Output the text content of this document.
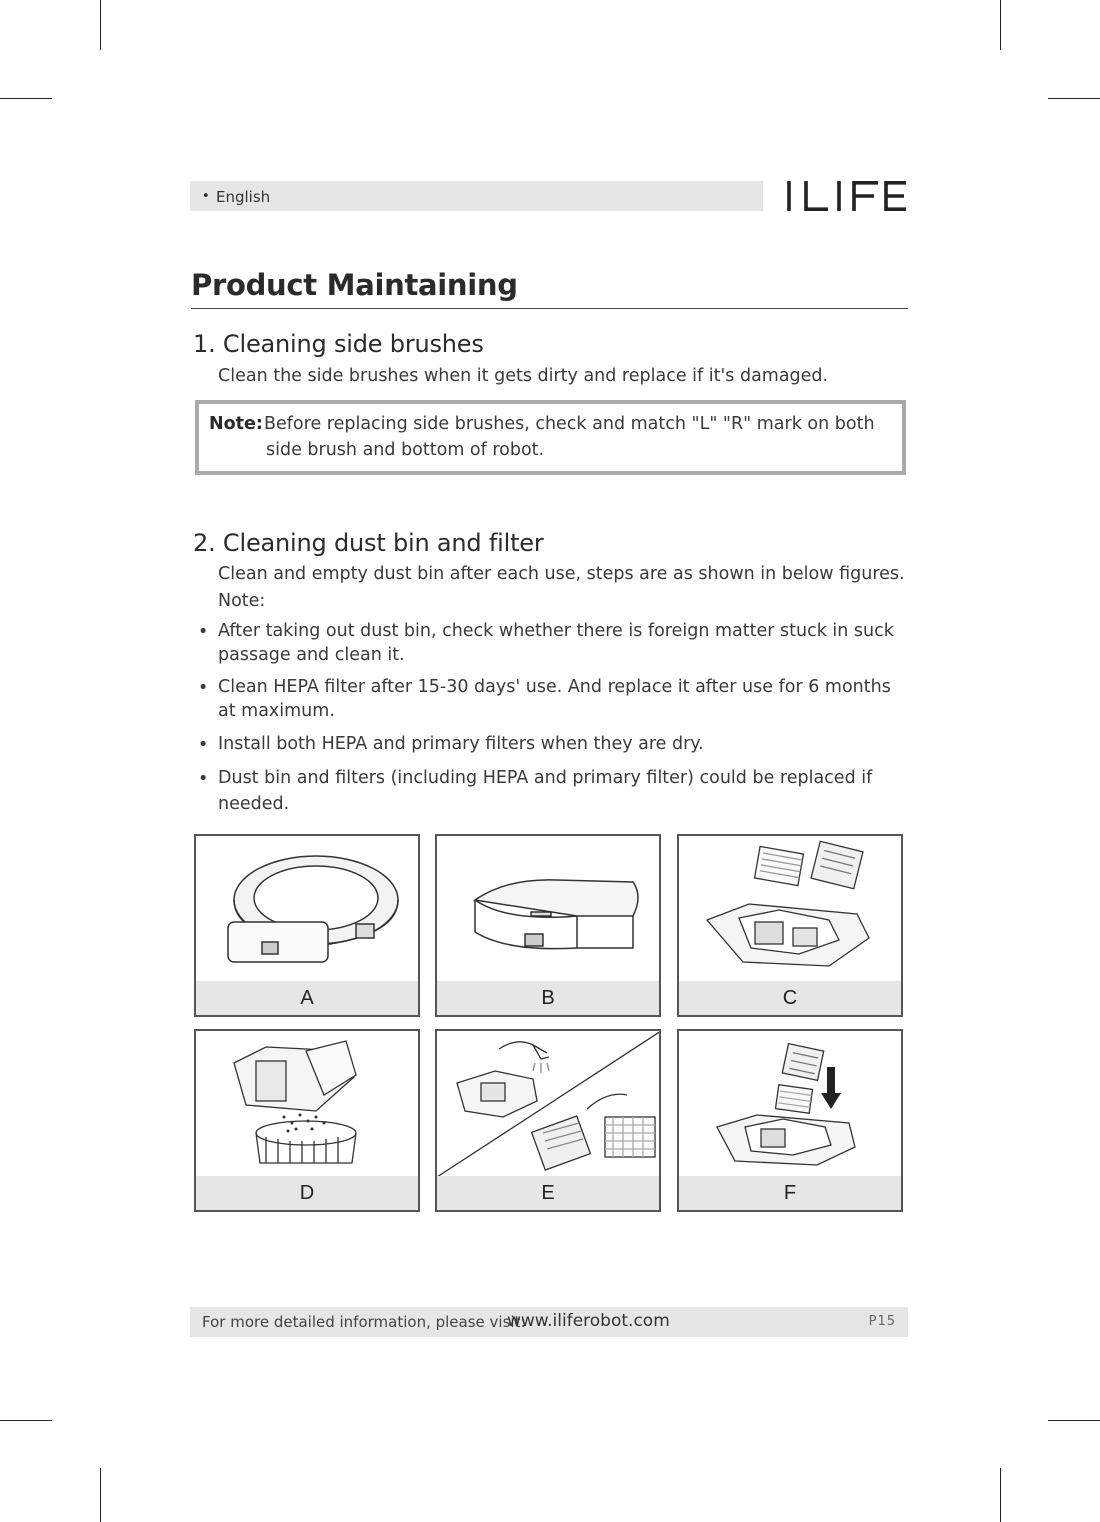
• English
Product Maintaining
1. Cleaning side brushes
Clean the side brushes when it gets dirty and replace if it's damaged.
Note: Before replacing side brushes, check and match "L" "R" mark on both
side brush and bottom of robot.
2. Cleaning dust bin and filter
Clean and empty dust bin after each use, steps are as shown in below figures.
Note:
• After taking out dust bin, check whether there is foreign matter stuck in suck
passage and clean it.
• Clean HEPA filter after 15-30 days' use. And replace it after use for 6 months
at maximum.
• Install both HEPA and primary filters when they are dry.
• Dust bin and filters (including HEPA and primary filter) could be replaced if
needed.
A	B	C
D	E	F
For more detailed information, please visit:
www.iliferobot.com	P15
